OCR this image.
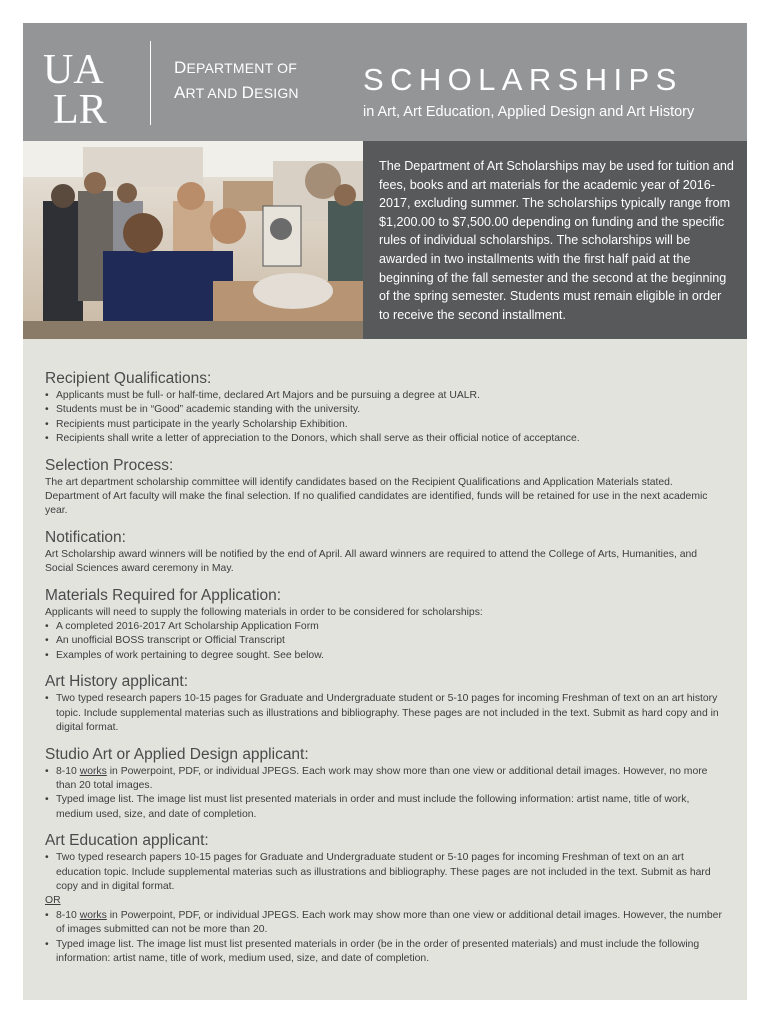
UA
LR
DEPARTMENT OF
ART AND DESIGN SCHOLARSHIPS
in Art, Art Education, Applied Design and Art History

The Department of Art Scholarships may be used for tuition and fees, books and art materials for the academic year of 2016-2017, excluding summer. The scholarships typically range from $1,200.00 to $7,500.00 depending on funding and the specific rules of individual scholarships. The scholarships will be awarded in two installments with the first half paid at the beginning of the fall semester and the second at the beginning of the spring semester. Students must remain eligible in order to receive the second installment.

Recipient Qualifications:
• Applicants must be full- or half-time, declared Art Majors and be pursuing a degree at UALR.
• Students must be in “Good” academic standing with the university.
• Recipients must participate in the yearly Scholarship Exhibition.
• Recipients shall write a letter of appreciation to the Donors, which shall serve as their official notice of acceptance.
Selection Process:
The art department scholarship committee will identify candidates based on the Recipient Qualifications and Application Materials stated. Department of Art faculty will make the final selection. If no qualified candidates are identified, funds will be retained for use in the next academic year.
Notification:
Art Scholarship award winners will be notified by the end of April. All award winners are required to attend the College of Arts, Humanities, and Social Sciences award ceremony in May.
Materials Required for Application:
Applicants will need to supply the following materials in order to be considered for scholarships:
• A completed 2016-2017 Art Scholarship Application Form
• An unofficial BOSS transcript or Official Transcript
• Examples of work pertaining to degree sought. See below.
Art History applicant:
• Two typed research papers 10-15 pages for Graduate and Undergraduate student or 5-10 pages for incoming Freshman of text on an art history topic. Include supplemental materias such as illustrations and bibliography. These pages are not included in the text. Submit as hard copy and in digital format.
Studio Art or Applied Design applicant:
• 8-10 works in Powerpoint, PDF, or individual JPEGS. Each work may show more than one view or additional detail images. However, no more than 20 total images.
• Typed image list. The image list must list presented materials in order and must include the following information: artist name, title of work, medium used, size, and date of completion.
Art Education applicant:
• Two typed research papers 10-15 pages for Graduate and Undergraduate student or 5-10 pages for incoming Freshman of text on an art education topic. Include supplemental materias such as illustrations and bibliography. These pages are not included in the text. Submit as hard copy and in digital format.
OR
• 8-10 works in Powerpoint, PDF, or individual JPEGS. Each work may show more than one view or additional detail images. However, the number of images submitted can not be more than 20.
• Typed image list. The image list must list presented materials in order (be in the order of presented materials) and must include the following information: artist name, title of work, medium used, size, and date of completion.
